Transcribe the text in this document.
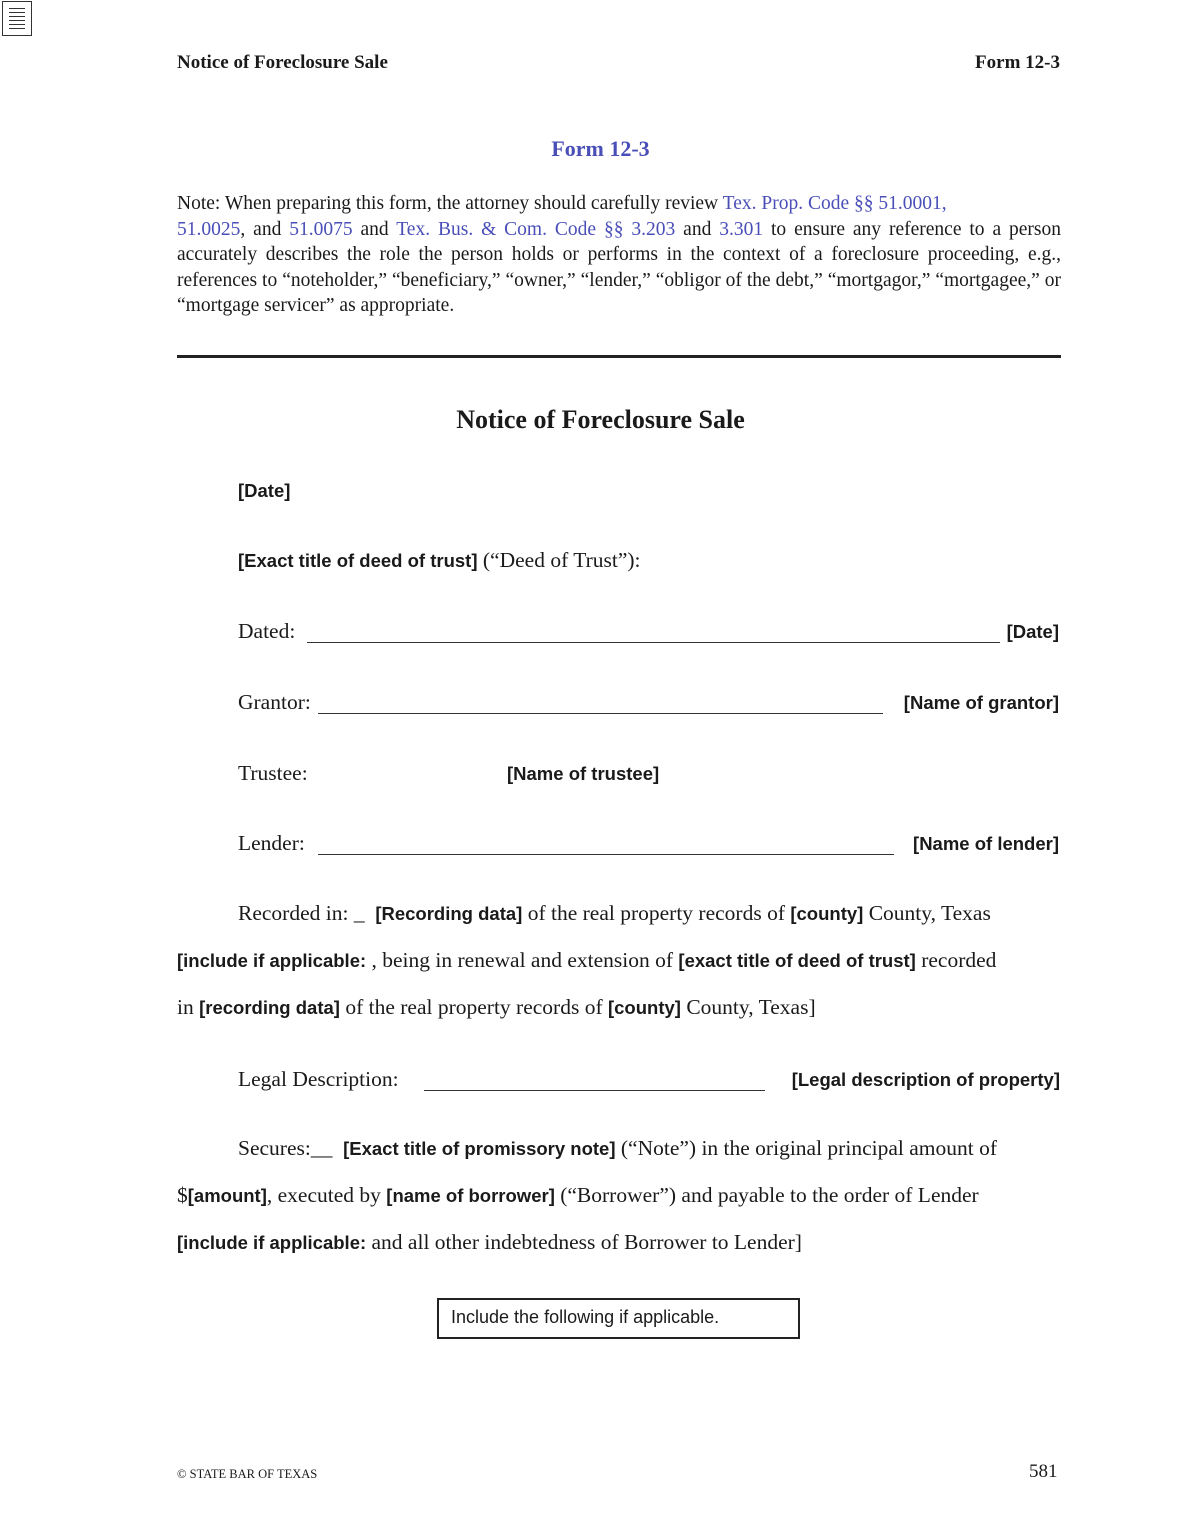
Notice of Foreclosure Sale	Form 12-3
Form 12-3
Note: When preparing this form, the attorney should carefully review Tex. Prop. Code §§ 51.0001,
51.0025, and 51.0075 and Tex. Bus. & Com. Code §§ 3.203 and 3.301 to ensure any reference to a person accurately describes the role the person holds or performs in the context of a foreclosure proceeding, e.g., references to “noteholder,” “beneficiary,” “owner,” “lender,” “obligor of the debt,” “mortgagor,” “mortgagee,” or “mortgage servicer” as appropriate.
Notice of Foreclosure Sale
[Date]
[Exact title of deed of trust] (“Deed of Trust”):
Dated:	[Date]
Grantor:	[Name of grantor]
Trustee:	[Name of trustee]
Lender:	[Name of lender]
Recorded in: _ [Recording data] of the real property records of [county] County, Texas
[include if applicable: , being in renewal and extension of [exact title of deed of trust] recorded
in [recording data] of the real property records of [county] County, Texas]
Legal Description:	[Legal description of property]
Secures:__ [Exact title of promissory note] (“Note”) in the original principal amount of
$[amount], executed by [name of borrower] (“Borrower”) and payable to the order of Lender
[include if applicable: and all other indebtedness of Borrower to Lender]
Include the following if applicable.
© STATE BAR OF TEXAS	581
